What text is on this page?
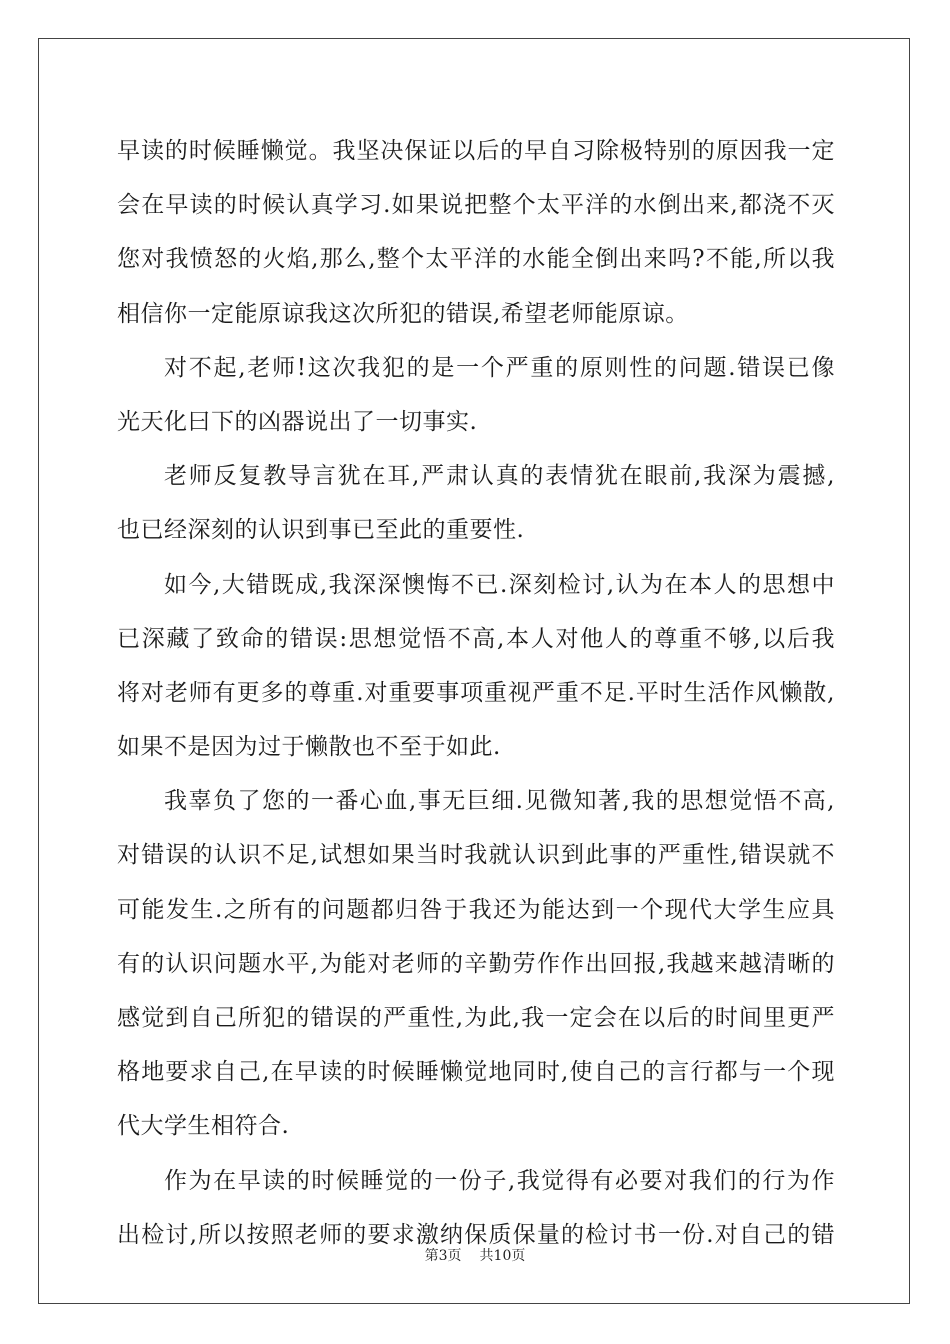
早读的时候睡懒觉。我坚决保证以后的早自习除极特别的原因我一定
会在早读的时候认真学习.如果说把整个太平洋的水倒出来,都浇不灭
您对我愤怒的火焰,那么,整个太平洋的水能全倒出来吗?不能,所以我
相信你一定能原谅我这次所犯的错误,希望老师能原谅。
对不起,老师!这次我犯的是一个严重的原则性的问题.错误已像
光天化曰下的凶器说出了一切事实.
老师反复教导言犹在耳,严肃认真的表情犹在眼前,我深为震撼,
也已经深刻的认识到事已至此的重要性.
如今,大错既成,我深深懊悔不已.深刻检讨,认为在本人的思想中
已深藏了致命的错误:思想觉悟不高,本人对他人的尊重不够,以后我
将对老师有更多的尊重.对重要事项重视严重不足.平时生活作风懒散,
如果不是因为过于懒散也不至于如此.
我辜负了您的一番心血,事无巨细.见微知著,我的思想觉悟不高,
对错误的认识不足,试想如果当时我就认识到此事的严重性,错误就不
可能发生.之所有的问题都归咎于我还为能达到一个现代大学生应具
有的认识问题水平,为能对老师的辛勤劳作作出回报,我越来越清晰的
感觉到自己所犯的错误的严重性,为此,我一定会在以后的时间里更严
格地要求自己,在早读的时候睡懒觉地同时,使自己的言行都与一个现
代大学生相符合.
作为在早读的时候睡觉的一份子,我觉得有必要对我们的行为作
出检讨,所以按照老师的要求激纳保质保量的检讨书一份.对自己的错
第3页 共10页
